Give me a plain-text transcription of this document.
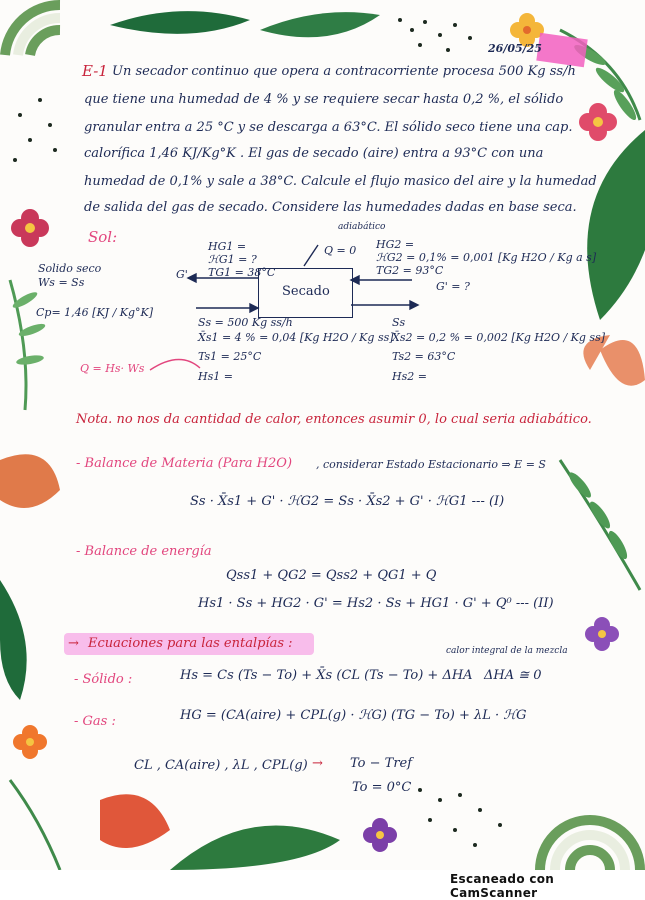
26/05/25
E-1 Un secador continuo que opera a contracorriente procesa 500 Kg ss/h
que tiene una humedad de 4 % y se requiere secar hasta 0,2 %, el sólido
granular entra a 25 °C y se descarga a 63°C. El sólido seco tiene una cap.
calorífica 1,46 KJ/Kg°K . El gas de secado (aire) entra a 93°C con una
humedad de 0,1% y sale a 38°C. Calcule el flujo masico del aire y la humedad
de salida del gas de secado. Considere las humedades dadas en base seca.
Sol:
Solido seco
Ws = Ss
Cp= 1,46 [KJ / Kg°K]
Q = Hs· Ws
Secado
adiabático
Q = 0
HG1 =
ℋG1 = ?
TG1 = 38°C
G'
HG2 =
ℋG2 = 0,1% = 0,001 [Kg H2O / Kg a s]
TG2 = 93°C
G' = ?
Ss = 500 Kg ss/h
X̄s1 = 4 % = 0,04 [Kg H2O / Kg ss]
Ts1 = 25°C
Hs1 =
Ss
X̄s2 = 0,2 % = 0,002 [Kg H2O / Kg ss]
Ts2 = 63°C
Hs2 =
Nota. no nos da cantidad de calor, entonces asumir 0, lo cual seria adiabático.
- Balance de Materia (Para H2O) , considerar Estado Estacionario ⇒ E = S
Ss · X̄s1 + G' · ℋG2 = Ss · X̄s2 + G' · ℋG1 --- (I)
- Balance de energía
Qss1 + QG2 = Qss2 + QG1 + Q
Hs1 · Ss + HG2 · G' = Hs2 · Ss + HG1 · G' + Q⁰ --- (II)
→ Ecuaciones para las entalpías :	calor integral de la mezcla
- Sólido :	Hs = Cs (Ts − To) + X̄s (CL (Ts − To) + ΔHA ΔHA ≅ 0
- Gas :	HG = (CA(aire) + CPL(g) · ℋG) (TG − To) + λL · ℋG
CL , CA(aire) , λL , CPL(g) → To − Tref
To = 0°C
Escaneado con CamScanner
